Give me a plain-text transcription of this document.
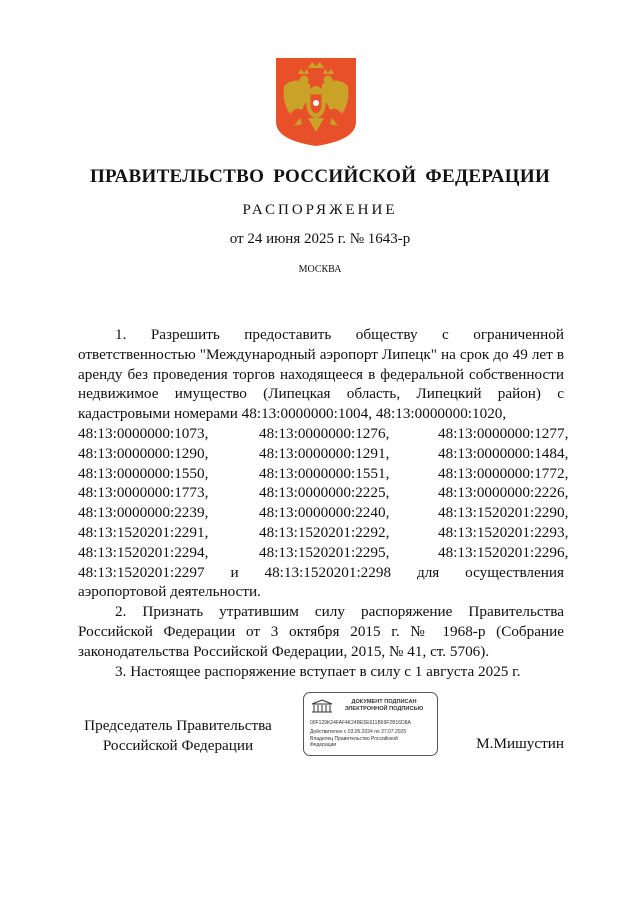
ПРАВИТЕЛЬСТВО РОССИЙСКОЙ ФЕДЕРАЦИИ
РАСПОРЯЖЕНИЕ
от 24 июня 2025 г. № 1643-р
МОСКВА

1. Разрешить предоставить обществу с ограниченной ответственностью "Международный аэропорт Липецк" на срок до 49 лет в аренду без проведения торгов находящееся в федеральной собственности недвижимое имущество (Липецкая область, Липецкий район) с кадастровыми номерами 48:13:0000000:1004, 48:13:0000000:1020,

48:13:0000000:1073,	48:13:0000000:1276,	48:13:0000000:1277,
48:13:0000000:1290,	48:13:0000000:1291,	48:13:0000000:1484,
48:13:0000000:1550,	48:13:0000000:1551,	48:13:0000000:1772,
48:13:0000000:1773,	48:13:0000000:2225,	48:13:0000000:2226,
48:13:0000000:2239,	48:13:0000000:2240,	48:13:1520201:2290,
48:13:1520201:2291,	48:13:1520201:2292,	48:13:1520201:2293,
48:13:1520201:2294,	48:13:1520201:2295,	48:13:1520201:2296,

48:13:1520201:2297 и 48:13:1520201:2298 для осуществления аэропортовой деятельности.

2. Признать утратившим силу распоряжение Правительства Российской Федерации от 3 октября 2015 г. № 1968-р (Собрание законодательства Российской Федерации, 2015, № 41, ст. 5706).

3. Настоящее распоряжение вступает в силу с 1 августа 2025 г.

Председатель Правительства
Российской Федерации
ДОКУМЕНТ ПОДПИСАН ЭЛЕКТРОННОЙ ПОДПИСЬЮ
00F129K24FAF4K24BE5E611B69F2B16D8A
Действителен с 03.05.2024 по 27.07.2025
Владелец Правительство Российской
Федерации	М.Мишустин
